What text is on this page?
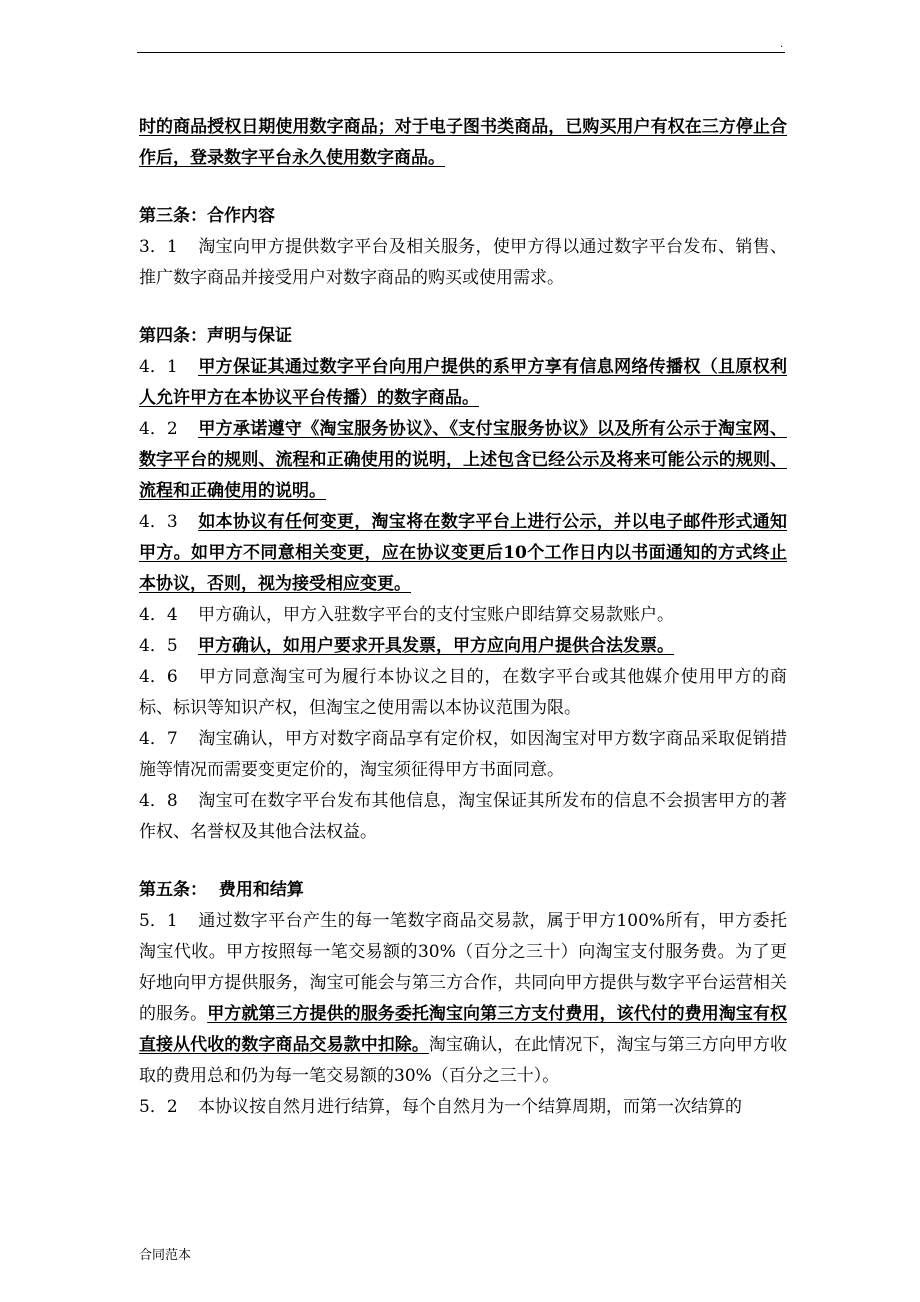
.

时的商品授权日期使用数字商品；对于电子图书类商品，已购买用户有权在三方停止合作后，登录数字平台永久使用数字商品。

第三条：合作内容

3．1 淘宝向甲方提供数字平台及相关服务，使甲方得以通过数字平台发布、销售、推广数字商品并接受用户对数字商品的购买或使用需求。

第四条：声明与保证

4．1 甲方保证其通过数字平台向用户提供的系甲方享有信息网络传播权（且原权利人允许甲方在本协议平台传播）的数字商品。

4．2 甲方承诺遵守《淘宝服务协议》、《支付宝服务协议》以及所有公示于淘宝网、数字平台的规则、流程和正确使用的说明，上述包含已经公示及将来可能公示的规则、流程和正确使用的说明。

4．3 如本协议有任何变更，淘宝将在数字平台上进行公示，并以电子邮件形式通知甲方。如甲方不同意相关变更，应在协议变更后10个工作日内以书面通知的方式终止本协议，否则，视为接受相应变更。

4．4 甲方确认，甲方入驻数字平台的支付宝账户即结算交易款账户。

4．5 甲方确认，如用户要求开具发票，甲方应向用户提供合法发票。

4．6 甲方同意淘宝可为履行本协议之目的，在数字平台或其他媒介使用甲方的商标、标识等知识产权，但淘宝之使用需以本协议范围为限。

4．7 淘宝确认，甲方对数字商品享有定价权，如因淘宝对甲方数字商品采取促销措施等情况而需要变更定价的，淘宝须征得甲方书面同意。

4．8 淘宝可在数字平台发布其他信息，淘宝保证其所发布的信息不会损害甲方的著作权、名誉权及其他合法权益。

第五条：  费用和结算

5．1 通过数字平台产生的每一笔数字商品交易款，属于甲方100%所有，甲方委托淘宝代收。甲方按照每一笔交易额的30%（百分之三十）向淘宝支付服务费。为了更好地向甲方提供服务，淘宝可能会与第三方合作，共同向甲方提供与数字平台运营相关的服务。甲方就第三方提供的服务委托淘宝向第三方支付费用，该代付的费用淘宝有权直接从代收的数字商品交易款中扣除。淘宝确认，在此情况下，淘宝与第三方向甲方收取的费用总和仍为每一笔交易额的30%（百分之三十）。

5．2 本协议按自然月进行结算，每个自然月为一个结算周期，而第一次结算的

合同范本
